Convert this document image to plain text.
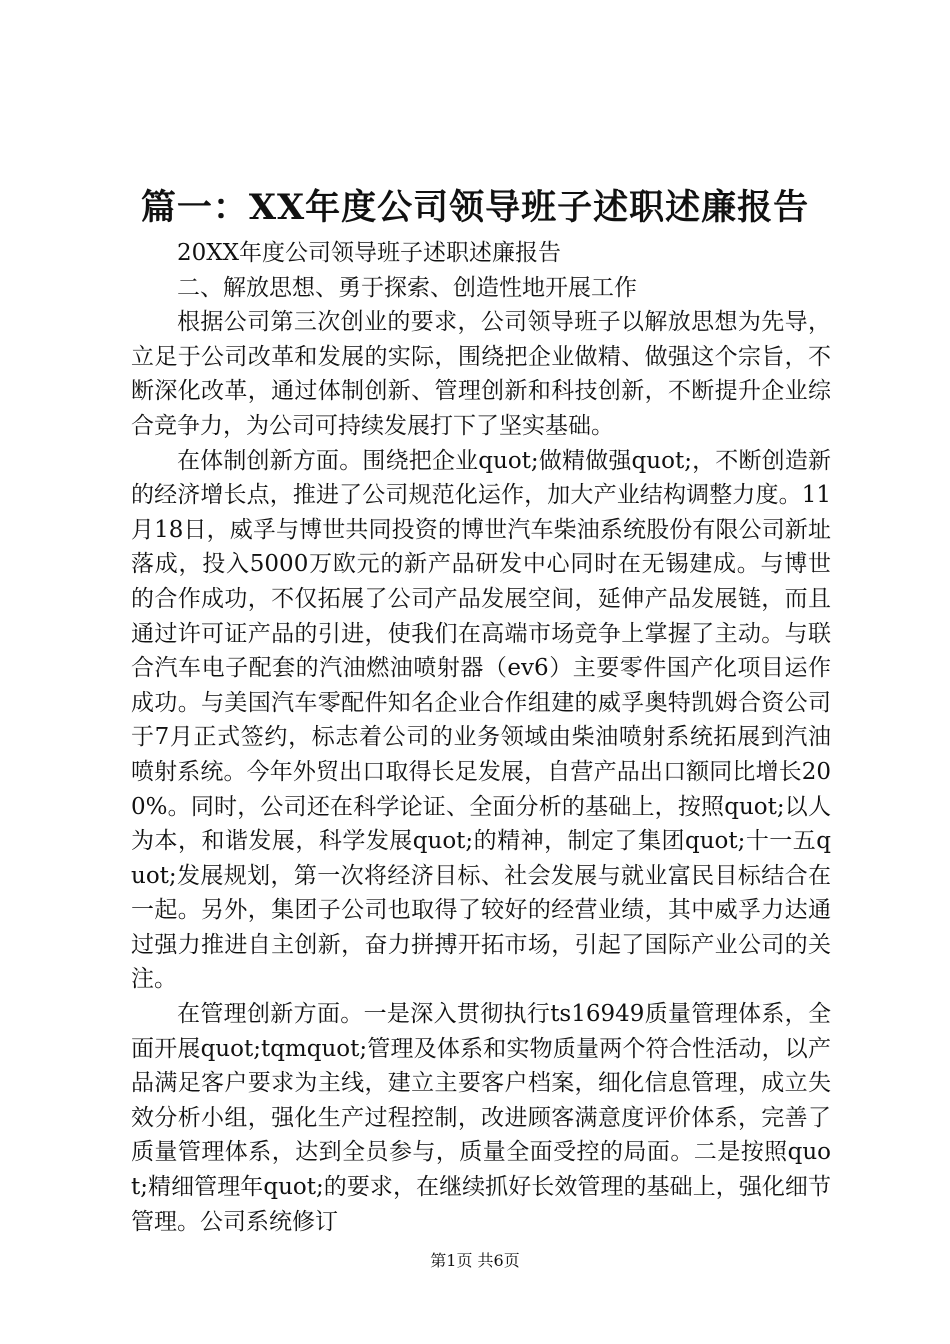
篇一：XX年度公司领导班子述职述廉报告

20XX年度公司领导班子述职述廉报告

二、解放思想、勇于探索、创造性地开展工作

根据公司第三次创业的要求，公司领导班子以解放思想为先导，立足于公司改革和发展的实际，围绕把企业做精、做强这个宗旨，不断深化改革，通过体制创新、管理创新和科技创新，不断提升企业综合竞争力，为公司可持续发展打下了坚实基础。

在体制创新方面。围绕把企业quot;做精做强quot;，不断创造新的经济增长点，推进了公司规范化运作，加大产业结构调整力度。11月18日，威孚与博世共同投资的博世汽车柴油系统股份有限公司新址落成，投入5000万欧元的新产品研发中心同时在无锡建成。与博世的合作成功，不仅拓展了公司产品发展空间，延伸产品发展链，而且通过许可证产品的引进，使我们在高端市场竞争上掌握了主动。与联合汽车电子配套的汽油燃油喷射器（ev6）主要零件国产化项目运作成功。与美国汽车零配件知名企业合作组建的威孚奥特凯姆合资公司于7月正式签约，标志着公司的业务领域由柴油喷射系统拓展到汽油喷射系统。今年外贸出口取得长足发展，自营产品出口额同比增长200%。同时，公司还在科学论证、全面分析的基础上，按照quot;以人为本，和谐发展，科学发展quot;的精神，制定了集团quot;十一五quot;发展规划，第一次将经济目标、社会发展与就业富民目标结合在一起。另外，集团子公司也取得了较好的经营业绩，其中威孚力达通过强力推进自主创新，奋力拼搏开拓市场，引起了国际产业公司的关注。

在管理创新方面。一是深入贯彻执行ts16949质量管理体系，全面开展quot;tqmquot;管理及体系和实物质量两个符合性活动，以产品满足客户要求为主线，建立主要客户档案，细化信息管理，成立失效分析小组，强化生产过程控制，改进顾客满意度评价体系，完善了质量管理体系，达到全员参与，质量全面受控的局面。二是按照quot;精细管理年quot;的要求，在继续抓好长效管理的基础上，强化细节管理。公司系统修订

第1页 共6页
